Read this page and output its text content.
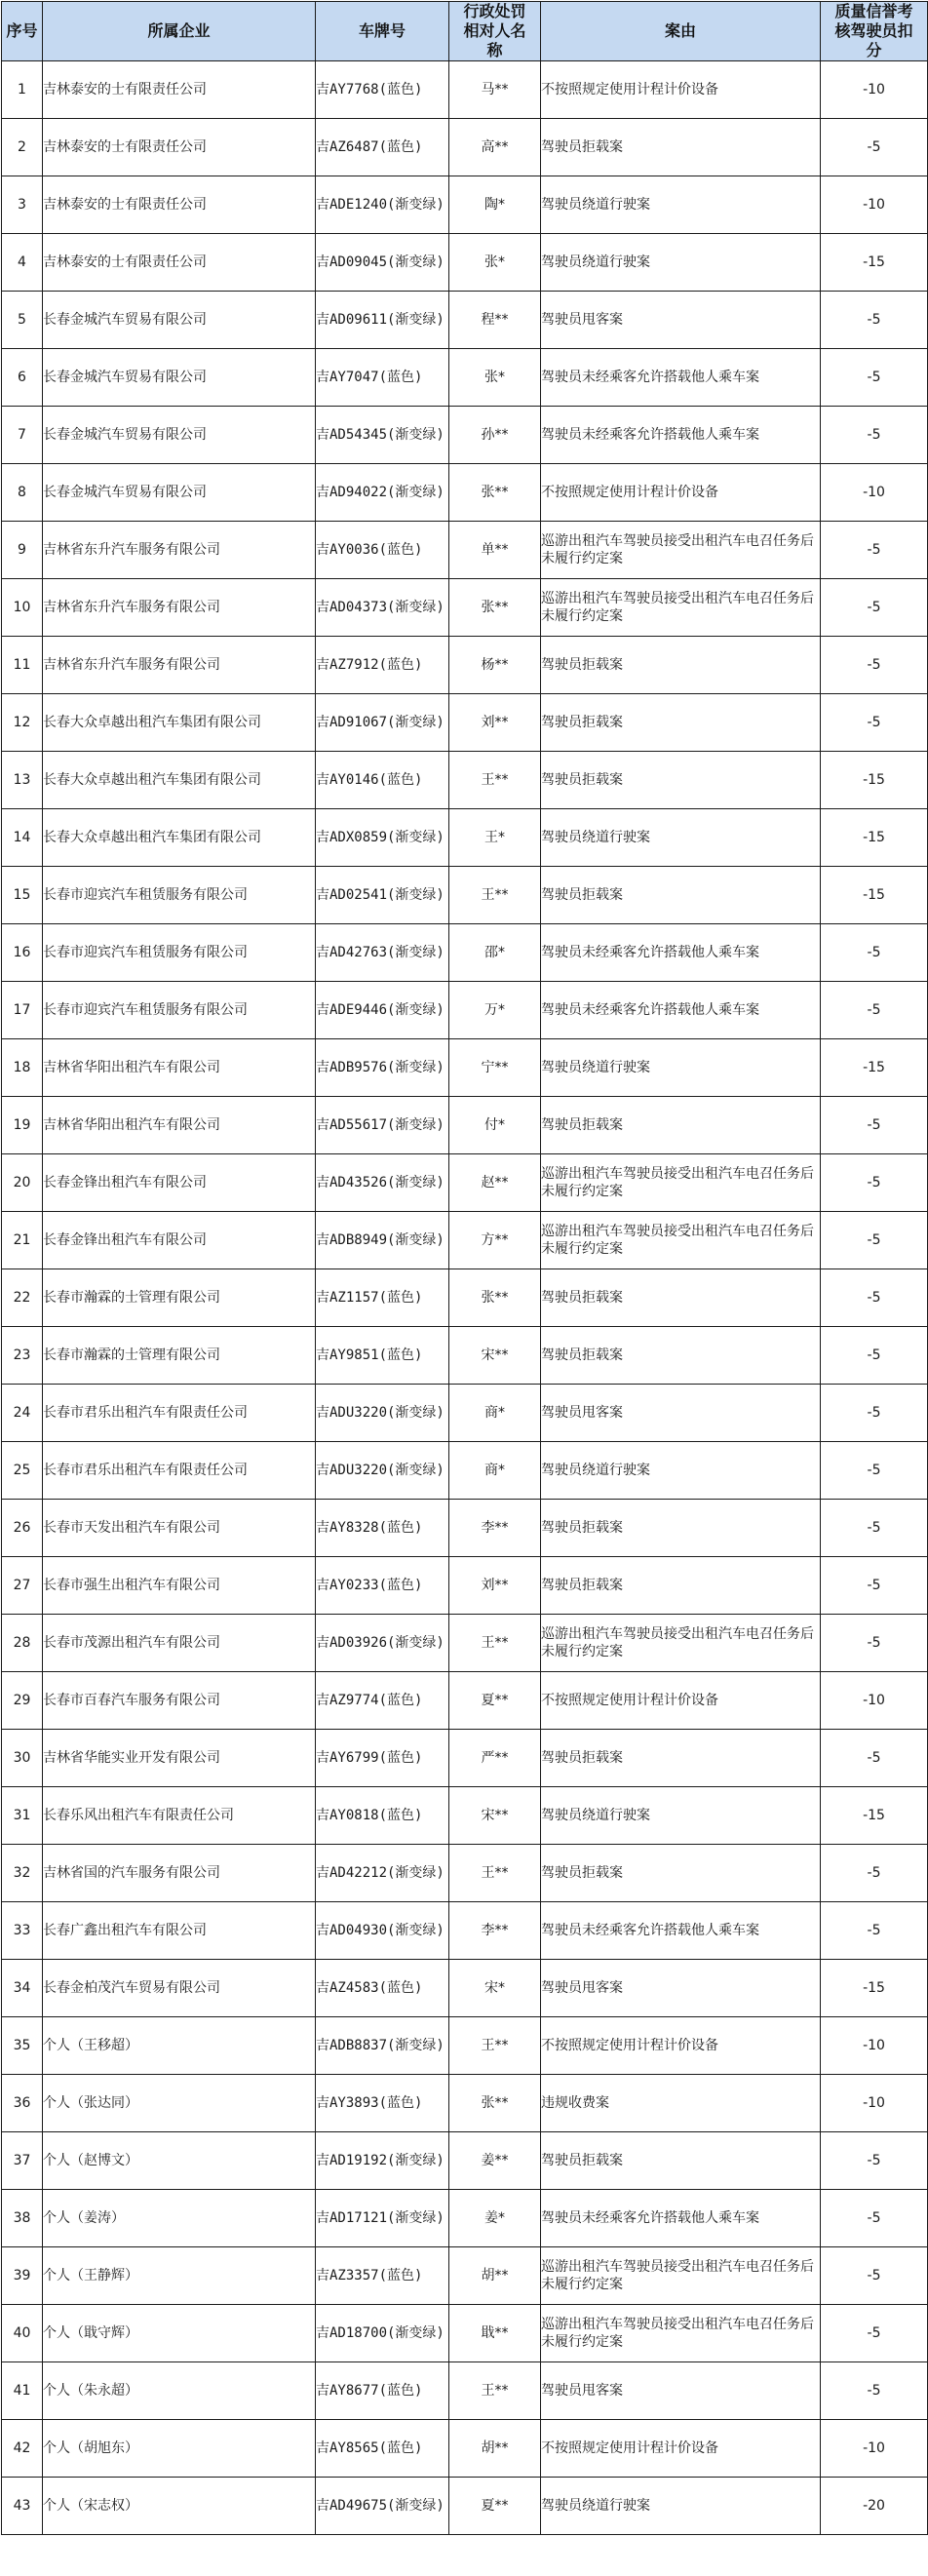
序号	所属企业	车牌号	行政处罚相对人名称	案由	质量信誉考核驾驶员扣分
1	吉林泰安的士有限责任公司	吉AY7768(蓝色)	马**	不按照规定使用计程计价设备	-10
2	吉林泰安的士有限责任公司	吉AZ6487(蓝色)	高**	驾驶员拒载案	-5
3	吉林泰安的士有限责任公司	吉ADE1240(渐变绿)	陶*	驾驶员绕道行驶案	-10
4	吉林泰安的士有限责任公司	吉AD09045(渐变绿)	张*	驾驶员绕道行驶案	-15
5	长春金城汽车贸易有限公司	吉AD09611(渐变绿)	程**	驾驶员甩客案	-5
6	长春金城汽车贸易有限公司	吉AY7047(蓝色)	张*	驾驶员未经乘客允许搭载他人乘车案	-5
7	长春金城汽车贸易有限公司	吉AD54345(渐变绿)	孙**	驾驶员未经乘客允许搭载他人乘车案	-5
8	长春金城汽车贸易有限公司	吉AD94022(渐变绿)	张**	不按照规定使用计程计价设备	-10
9	吉林省东升汽车服务有限公司	吉AY0036(蓝色)	单**	巡游出租汽车驾驶员接受出租汽车电召任务后未履行约定案	-5
10	吉林省东升汽车服务有限公司	吉AD04373(渐变绿)	张**	巡游出租汽车驾驶员接受出租汽车电召任务后未履行约定案	-5
11	吉林省东升汽车服务有限公司	吉AZ7912(蓝色)	杨**	驾驶员拒载案	-5
12	长春大众卓越出租汽车集团有限公司	吉AD91067(渐变绿)	刘**	驾驶员拒载案	-5
13	长春大众卓越出租汽车集团有限公司	吉AY0146(蓝色)	王**	驾驶员拒载案	-15
14	长春大众卓越出租汽车集团有限公司	吉ADX0859(渐变绿)	王*	驾驶员绕道行驶案	-15
15	长春市迎宾汽车租赁服务有限公司	吉AD02541(渐变绿)	王**	驾驶员拒载案	-15
16	长春市迎宾汽车租赁服务有限公司	吉AD42763(渐变绿)	邵*	驾驶员未经乘客允许搭载他人乘车案	-5
17	长春市迎宾汽车租赁服务有限公司	吉ADE9446(渐变绿)	万*	驾驶员未经乘客允许搭载他人乘车案	-5
18	吉林省华阳出租汽车有限公司	吉ADB9576(渐变绿)	宁**	驾驶员绕道行驶案	-15
19	吉林省华阳出租汽车有限公司	吉AD55617(渐变绿)	付*	驾驶员拒载案	-5
20	长春金锋出租汽车有限公司	吉AD43526(渐变绿)	赵**	巡游出租汽车驾驶员接受出租汽车电召任务后未履行约定案	-5
21	长春金锋出租汽车有限公司	吉ADB8949(渐变绿)	方**	巡游出租汽车驾驶员接受出租汽车电召任务后未履行约定案	-5
22	长春市瀚霖的士管理有限公司	吉AZ1157(蓝色)	张**	驾驶员拒载案	-5
23	长春市瀚霖的士管理有限公司	吉AY9851(蓝色)	宋**	驾驶员拒载案	-5
24	长春市君乐出租汽车有限责任公司	吉ADU3220(渐变绿)	商*	驾驶员甩客案	-5
25	长春市君乐出租汽车有限责任公司	吉ADU3220(渐变绿)	商*	驾驶员绕道行驶案	-5
26	长春市天发出租汽车有限公司	吉AY8328(蓝色)	李**	驾驶员拒载案	-5
27	长春市强生出租汽车有限公司	吉AY0233(蓝色)	刘**	驾驶员拒载案	-5
28	长春市茂源出租汽车有限公司	吉AD03926(渐变绿)	王**	巡游出租汽车驾驶员接受出租汽车电召任务后未履行约定案	-5
29	长春市百春汽车服务有限公司	吉AZ9774(蓝色)	夏**	不按照规定使用计程计价设备	-10
30	吉林省华能实业开发有限公司	吉AY6799(蓝色)	严**	驾驶员拒载案	-5
31	长春乐风出租汽车有限责任公司	吉AY0818(蓝色)	宋**	驾驶员绕道行驶案	-15
32	吉林省国的汽车服务有限公司	吉AD42212(渐变绿)	王**	驾驶员拒载案	-5
33	长春广鑫出租汽车有限公司	吉AD04930(渐变绿)	李**	驾驶员未经乘客允许搭载他人乘车案	-5
34	长春金柏茂汽车贸易有限公司	吉AZ4583(蓝色)	宋*	驾驶员甩客案	-15
35	个人（王移超）	吉ADB8837(渐变绿)	王**	不按照规定使用计程计价设备	-10
36	个人（张达同）	吉AY3893(蓝色)	张**	违规收费案	-10
37	个人（赵博文）	吉AD19192(渐变绿)	姜**	驾驶员拒载案	-5
38	个人（姜涛）	吉AD17121(渐变绿)	姜*	驾驶员未经乘客允许搭载他人乘车案	-5
39	个人（王静辉）	吉AZ3357(蓝色)	胡**	巡游出租汽车驾驶员接受出租汽车电召任务后未履行约定案	-5
40	个人（戢守辉）	吉AD18700(渐变绿)	戢**	巡游出租汽车驾驶员接受出租汽车电召任务后未履行约定案	-5
41	个人（朱永超）	吉AY8677(蓝色)	王**	驾驶员甩客案	-5
42	个人（胡旭东）	吉AY8565(蓝色)	胡**	不按照规定使用计程计价设备	-10
43	个人（宋志权）	吉AD49675(渐变绿)	夏**	驾驶员绕道行驶案	-20
